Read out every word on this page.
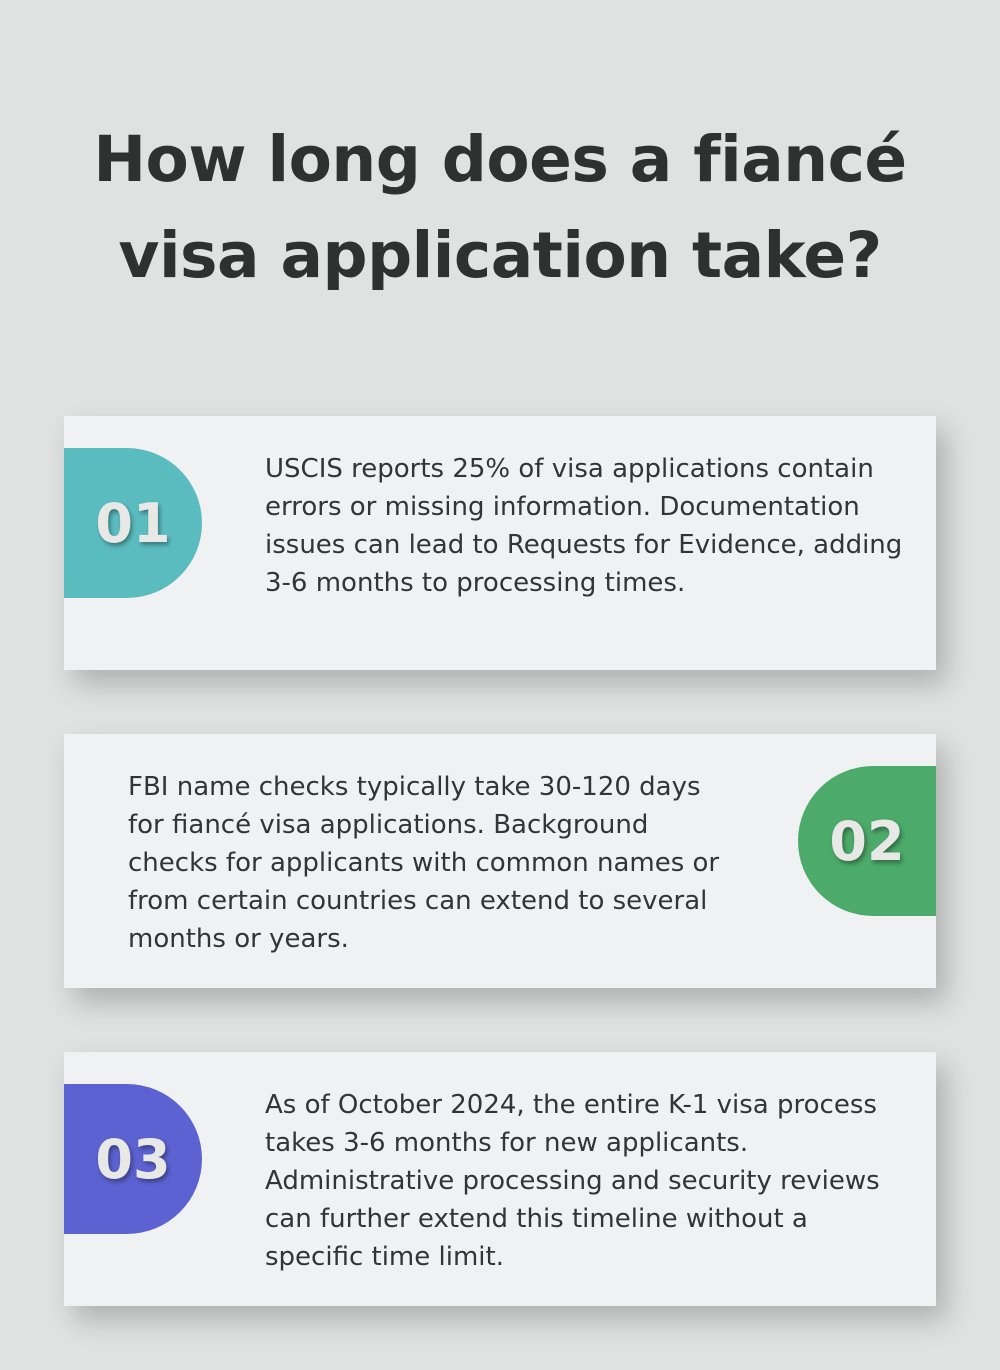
How long does a fiancé
visa application take?
01
USCIS reports 25% of visa applications contain errors or missing information. Documentation issues can lead to Requests for Evidence, adding 3-6 months to processing times.
FBI name checks typically take 30-120 days for fiancé visa applications. Background checks for applicants with common names or from certain countries can extend to several months or years.
02
03
As of October 2024, the entire K-1 visa process takes 3-6 months for new applicants. Administrative processing and security reviews can further extend this timeline without a specific time limit.
